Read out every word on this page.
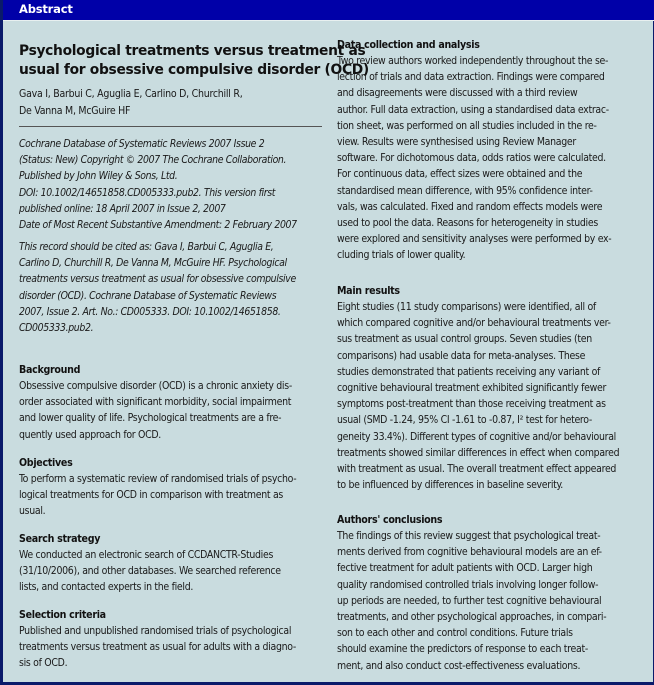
Abstract
Psychological treatments versus treatment as
usual for obsessive compulsive disorder (OCD)
Gava I, Barbui C, Aguglia E, Carlino D, Churchill R,
De Vanna M, McGuire HF
Cochrane Database of Systematic Reviews 2007 Issue 2
(Status: New) Copyright © 2007 The Cochrane Collaboration.
Published by John Wiley & Sons, Ltd.
DOI: 10.1002/14651858.CD005333.pub2. This version first
published online: 18 April 2007 in Issue 2, 2007
Date of Most Recent Substantive Amendment: 2 February 2007
This record should be cited as: Gava I, Barbui C, Aguglia E,
Carlino D, Churchill R, De Vanna M, McGuire HF. Psychological
treatments versus treatment as usual for obsessive compulsive
disorder (OCD). Cochrane Database of Systematic Reviews
2007, Issue 2. Art. No.: CD005333. DOI: 10.1002/14651858.
CD005333.pub2.
Background
Obsessive compulsive disorder (OCD) is a chronic anxiety dis-
order associated with significant morbidity, social impairment
and lower quality of life. Psychological treatments are a fre-
quently used approach for OCD.
Objectives
To perform a systematic review of randomised trials of psycho-
logical treatments for OCD in comparison with treatment as
usual.
Search strategy
We conducted an electronic search of CCDANCTR-Studies
(31/10/2006), and other databases. We searched reference
lists, and contacted experts in the field.
Selection criteria
Published and unpublished randomised trials of psychological
treatments versus treatment as usual for adults with a diagno-
sis of OCD.
Data collection and analysis
Two review authors worked independently throughout the se-
lection of trials and data extraction. Findings were compared
and disagreements were discussed with a third review
author. Full data extraction, using a standardised data extrac-
tion sheet, was performed on all studies included in the re-
view. Results were synthesised using Review Manager
software. For dichotomous data, odds ratios were calculated.
For continuous data, effect sizes were obtained and the
standardised mean difference, with 95% confidence inter-
vals, was calculated. Fixed and random effects models were
used to pool the data. Reasons for heterogeneity in studies
were explored and sensitivity analyses were performed by ex-
cluding trials of lower quality.
Main results
Eight studies (11 study comparisons) were identified, all of
which compared cognitive and/or behavioural treatments ver-
sus treatment as usual control groups. Seven studies (ten
comparisons) had usable data for meta-analyses. These
studies demonstrated that patients receiving any variant of
cognitive behavioural treatment exhibited significantly fewer
symptoms post-treatment than those receiving treatment as
usual (SMD -1.24, 95% CI -1.61 to -0.87, I² test for hetero-
geneity 33.4%). Different types of cognitive and/or behavioural
treatments showed similar differences in effect when compared
with treatment as usual. The overall treatment effect appeared
to be influenced by differences in baseline severity.
Authors' conclusions
The findings of this review suggest that psychological treat-
ments derived from cognitive behavioural models are an ef-
fective treatment for adult patients with OCD. Larger high
quality randomised controlled trials involving longer follow-
up periods are needed, to further test cognitive behavioural
treatments, and other psychological approaches, in compari-
son to each other and control conditions. Future trials
should examine the predictors of response to each treat-
ment, and also conduct cost-effectiveness evaluations.
